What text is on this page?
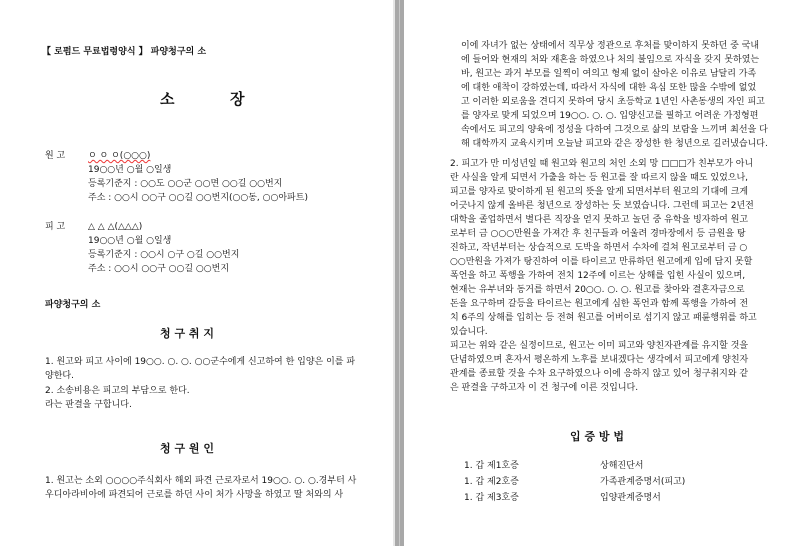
【 로펌드 무료법령양식 】 파양청구의 소
소	장
원 고	ㅇ ㅇ ㅇ(○○○)
19○○년 ○월 ○일생
등록기준지 : ○○도 ○○군 ○○면 ○○길 ○○번지
주소 : ○○시 ○○구 ○○길 ○○번지(○○동, ○○아파트)
피 고	△ △ △(△△△)
19○○년 ○월 ○일생
등록기준지 : ○○시 ○구 ○길 ○○번지
주소 : ○○시 ○○구 ○○길 ○○번지
파양청구의 소
청 구 취 지
1. 원고와 피고 사이에 19○○. ○. ○. ○○군수에게 신고하여 한 입양은 이를 파
양한다.
2. 소송비용은 피고의 부담으로 한다.
라는 판결을 구합니다.
청 구 원 인
1. 원고는 소외 ○○○○주식회사 해외 파견 근로자로서 19○○. ○. ○.경부터 사
우디아라비아에 파견되어 근로를 하던 사이 처가 사망을 하였고 딸 처와의 사
이에 자녀가 없는 상태에서 직무상 정관으로 후처를 맞이하지 못하던 중 국내
에 들어와 현재의 처와 재혼을 하였으나 처의 불임으로 자식을 갖지 못하였는
바, 원고는 과거 부모를 일찍이 여의고 형제 없이 살아온 이유로 남달리 가족
에 대한 애착이 강하였는데, 따라서 자식에 대한 욕심 또한 많을 수밖에 없었
고 이러한 외로움을 견디지 못하여 당시 초등학교 1년인 사촌동생의 자인 피고
를 양자로 맞게 되었으며 19○○. ○. ○. 입양신고를 필하고 어려운 가정형편
속에서도 피고의 양육에 정성을 다하여 그것으로 삶의 보람을 느끼며 최선을 다
해 대학까지 교육시키며 오늘날 피고와 같은 장성한 한 청년으로 길러냈습니다.
2. 피고가 만 미성년일 때 원고와 원고의 처인 소외 망 □□□가 친부모가 아니
란 사실을 알게 되면서 가출을 하는 등 원고를 잘 따르지 않을 때도 있었으나,
피고를 양자로 맞이하게 된 원고의 뜻을 알게 되면서부터 원고의 기대에 크게
어긋나지 않게 올바른 청년으로 장성하는 듯 보였습니다. 그런데 피고는 2년전
대학을 졸업하면서 별다른 직장을 얻지 못하고 놀던 중 유학을 빙자하여 원고
로부터 금 ○○○만원을 가져간 후 친구들과 어울려 경마장에서 등 금원을 탕
진하고, 작년부터는 상습적으로 도박을 하면서 수차에 걸쳐 원고로부터 금 ○
○○만원을 가져가 탕진하여 이를 타이르고 만류하던 원고에게 입에 담지 못할
폭언을 하고 폭행을 가하여 전치 12주에 이르는 상해를 입힌 사실이 있으며,
현재는 유부녀와 동거를 하면서 20○○. ○. ○. 원고를 찾아와 결혼자금으로
돈을 요구하며 갈등을 타이르는 원고에게 심한 폭언과 함께 폭행을 가하여 전
치 6주의 상해를 입히는 등 전혀 원고를 어버이로 섬기지 않고 패륜행위를 하고
있습니다.
피고는 위와 같은 실정이므로, 원고는 이미 피고와 양친자관계를 유지할 것을
단념하였으며 혼자서 평온하게 노후를 보내겠다는 생각에서 피고에게 양친자
관계를 종료할 것을 수차 요구하였으나 이에 응하지 않고 있어 청구취지와 같
은 판결을 구하고자 이 건 청구에 이른 것입니다.
입 증 방 법
1. 갑 제1호증	상해진단서
1. 갑 제2호증	가족관계증명서(피고)
1. 갑 제3호증	입양관계증명서
